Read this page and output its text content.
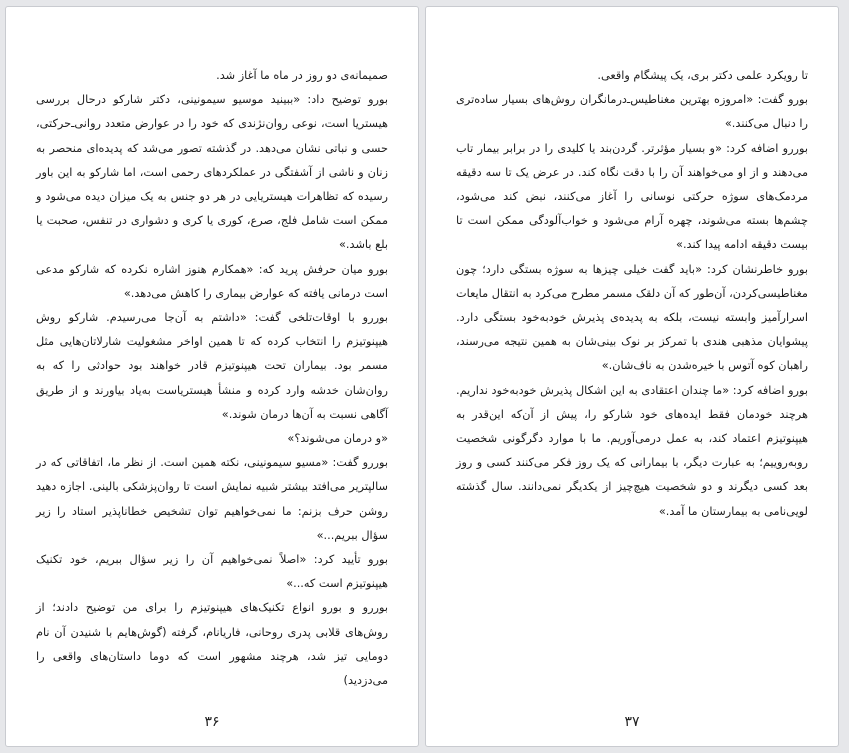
صمیمانه‌ی دو روز در ماه ما آغاز شد.

بورو توضیح داد: «ببینید موسیو سیمونینی، دکتر شارکو درحال بررسی هیستریا است، نوعی روان‌نژندی که خود را در عوارض متعدد روانی‌ـ‌حرکتی، حسی و نباتی نشان می‌دهد. در گذشته تصور می‌شد که پدیده‌ای منحصر به زنان و ناشی از آشفتگی در عملکردهای رحمی است، اما شارکو به این باور رسیده که تظاهرات هیستریایی در هر دو جنس به یک میزان دیده می‌شود و ممکن است شامل فلج، صرع، کوری یا کری و دشواری در تنفس، صحبت یا بلع باشد.»

بورو میان حرفش پرید که: «همکارم هنوز اشاره نکرده که شارکو مدعی است درمانی یافته که عوارض بیماری را کاهش می‌دهد.»

بوررو با اوقات‌تلخی گفت: «داشتم به آن‌جا می‌رسیدم. شارکو روش هیپنوتیزم را انتخاب کرده که تا همین اواخر مشغولیت شارلاتان‌هایی مثل مسمر بود. بیماران تحت هیپنوتیزم قادر خواهند بود حوادثی را که به روان‌شان خدشه وارد کرده و منشأ هیستریاست به‌یاد بیاورند و از طریق آگاهی نسبت به آن‌ها درمان شوند.»

«و درمان می‌شوند؟»

بوررو گفت: «مسیو سیمونینی، نکته همین است. از نظر ما، اتفاقاتی که در سالپتریر می‌افتد بیشتر شبیه نمایش است تا روان‌پزشکی بالینی. اجازه دهید روشن حرف بزنم: ما نمی‌خواهیم توان تشخیص خطاناپذیر استاد را زیر سؤال ببریم...»

بورو تأیید کرد: «اصلاً نمی‌خواهیم آن را زیر سؤال ببریم، خود تکنیک هیپنوتیزم است که...»

بوررو و بورو انواع تکنیک‌های هیپنوتیزم را برای من توضیح دادند؛ از روش‌های قلابی پدری روحانی، فاریانام، گرفته (گوش‌هایم با شنیدن آن نام دومایی تیز شد، هرچند مشهور است که دوما داستان‌های واقعی را می‌دزدید)

۳۶

تا رویکرد علمی دکتر بری، یک پیشگام واقعی.

بورو گفت: «امروزه بهترین مغناطیس‌ـ‌درمانگران روش‌های بسیار ساده‌تری را دنبال می‌کنند.»

بوررو اضافه کرد: «و بسیار مؤثرتر. گردن‌بند یا کلیدی را در برابر بیمار تاب می‌دهند و از او می‌خواهند آن را با دقت نگاه کند. در عرض یک تا سه دقیقه مردمک‌های سوژه حرکتی نوسانی را آغاز می‌کنند، نبض کند می‌شود، چشم‌ها بسته می‌شوند، چهره آرام می‌شود و خواب‌آلودگی ممکن است تا بیست دقیقه ادامه پیدا کند.»

بورو خاطرنشان کرد: «باید گفت خیلی چیزها به سوژه بستگی دارد؛ چون مغناطیسی‌کردن، آن‌طور که آن دلقک مسمر مطرح می‌کرد به انتقال مایعات اسرارآمیز وابسته نیست، بلکه به پدیده‌ی پذیرش خودبه‌خود بستگی دارد. پیشوایان مذهبی هندی با تمرکز بر نوک بینی‌شان به همین نتیجه می‌رسند، راهبان کوه آتوس با خیره‌شدن به ناف‌شان.»

بورو اضافه کرد: «ما چندان اعتقادی به این اشکال پذیرش خودبه‌خود نداریم. هرچند خودمان فقط ایده‌های خود شارکو را، پیش از آن‌که این‌قدر به هیپنوتیزم اعتماد کند، به عمل درمی‌آوریم. ما با موارد دگرگونی شخصیت روبه‌روییم؛ به عبارت دیگر، با بیمارانی که یک روز فکر می‌کنند کسی و روز بعد کسی دیگرند و دو شخصیت هیچ‌چیز از یکدیگر نمی‌دانند. سال گذشته لویی‌نامی به بیمارستان ما آمد.»

۳۷
